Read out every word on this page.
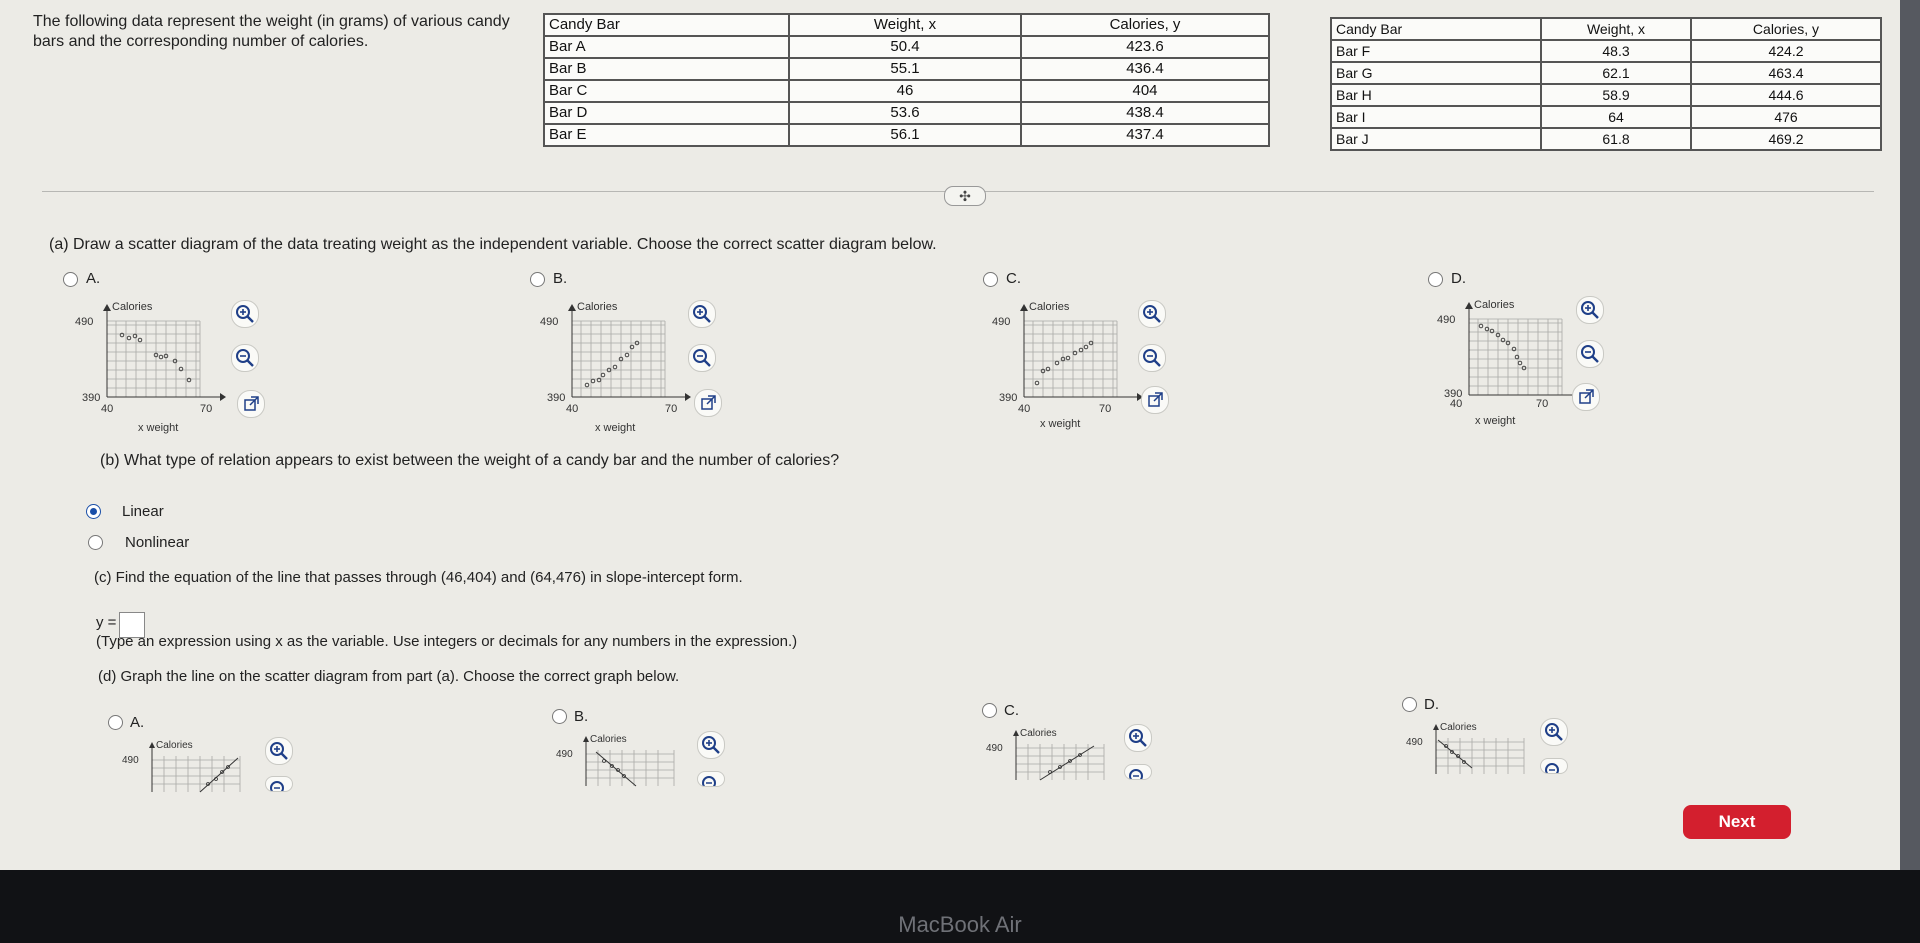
The following data represent the weight (in grams) of various candy bars and the corresponding number of calories.
Candy Bar	Weight, x	Calories, y
Bar A	50.4	423.6
Bar B	55.1	436.4
Bar C	46	404
Bar D	53.6	438.4
Bar E	56.1	437.4
Candy Bar	Weight, x	Calories, y
Bar F	48.3	424.2
Bar G	62.1	463.4
Bar H	58.9	444.6
Bar I	64	476
Bar J	61.8	469.2
✣
(a) Draw a scatter diagram of the data treating weight as the independent variable. Choose the correct scatter diagram below.
A.	B.	C.	D.
Calories
490
390
40	70
x weight
Calories
490
390
40	70
x weight
Calories
490
390
40	70
x weight
Calories
490
390
40	70
x weight
(b) What type of relation appears to exist between the weight of a candy bar and the number of calories?
Linear
Nonlinear
(c) Find the equation of the line that passes through (46,404) and (64,476) in slope-intercept form.
y =
(Type an expression using x as the variable. Use integers or decimals for any numbers in the expression.)
(d) Graph the line on the scatter diagram from part (a). Choose the correct graph below.
A.	B.	C.	D.
Calories
490
Calories
490
Calories
490
Calories
490
Next
MacBook Air
